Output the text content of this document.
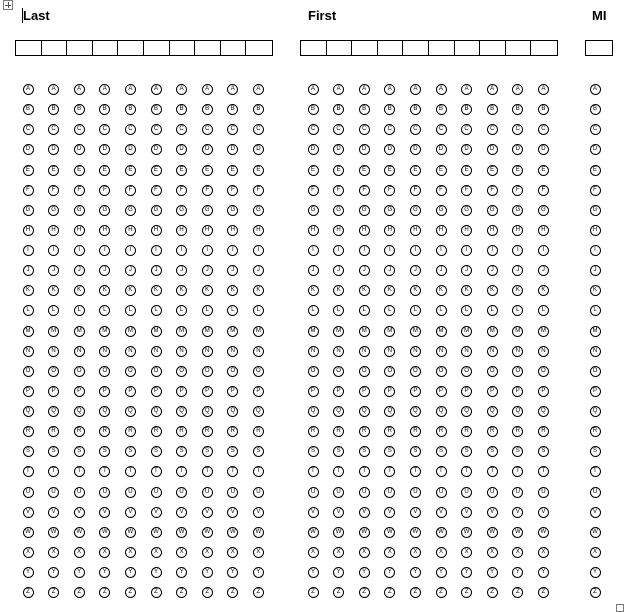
Last	First	MI
A
B
C
D
E
F
G
H
I
J
K
L
M
N
O
P
Q
R
S
T
U
V
W
X
Y
Z
A
B
C
D
E
F
G
H
I
J
K
L
M
N
O
P
Q
R
S
T
U
V
W
X
Y
Z
A
B
C
D
E
F
G
H
I
J
K
L
M
N
O
P
Q
R
S
T
U
V
W
X
Y
Z
A
B
C
D
E
F
G
H
I
J
K
L
M
N
O
P
Q
R
S
T
U
V
W
X
Y
Z
A
B
C
D
E
F
G
H
I
J
K
L
M
N
O
P
Q
R
S
T
U
V
W
X
Y
Z
A
B
C
D
E
F
G
H
I
J
K
L
M
N
O
P
Q
R
S
T
U
V
W
X
Y
Z
A
B
C
D
E
F
G
H
I
J
K
L
M
N
O
P
Q
R
S
T
U
V
W
X
Y
Z
A
B
C
D
E
F
G
H
I
J
K
L
M
N
O
P
Q
R
S
T
U
V
W
X
Y
Z
A
B
C
D
E
F
G
H
I
J
K
L
M
N
O
P
Q
R
S
T
U
V
W
X
Y
Z
A
B
C
D
E
F
G
H
I
J
K
L
M
N
O
P
Q
R
S
T
U
V
W
X
Y
Z
A
B
C
D
E
F
G
H
I
J
K
L
M
N
O
P
Q
R
S
T
U
V
W
X
Y
Z
A
B
C
D
E
F
G
H
I
J
K
L
M
N
O
P
Q
R
S
T
U
V
W
X
Y
Z
A
B
C
D
E
F
G
H
I
J
K
L
M
N
O
P
Q
R
S
T
U
V
W
X
Y
Z
A
B
C
D
E
F
G
H
I
J
K
L
M
N
O
P
Q
R
S
T
U
V
W
X
Y
Z
A
B
C
D
E
F
G
H
I
J
K
L
M
N
O
P
Q
R
S
T
U
V
W
X
Y
Z
A
B
C
D
E
F
G
H
I
J
K
L
M
N
O
P
Q
R
S
T
U
V
W
X
Y
Z
A
B
C
D
E
F
G
H
I
J
K
L
M
N
O
P
Q
R
S
T
U
V
W
X
Y
Z
A
B
C
D
E
F
G
H
I
J
K
L
M
N
O
P
Q
R
S
T
U
V
W
X
Y
Z
A
B
C
D
E
F
G
H
I
J
K
L
M
N
O
P
Q
R
S
T
U
V
W
X
Y
Z
A
B
C
D
E
F
G
H
I
J
K
L
M
N
O
P
Q
R
S
T
U
V
W
X
Y
Z
A
B
C
D
E
F
G
H
I
J
K
L
M
N
O
P
Q
R
S
T
U
V
W
X
Y
Z
